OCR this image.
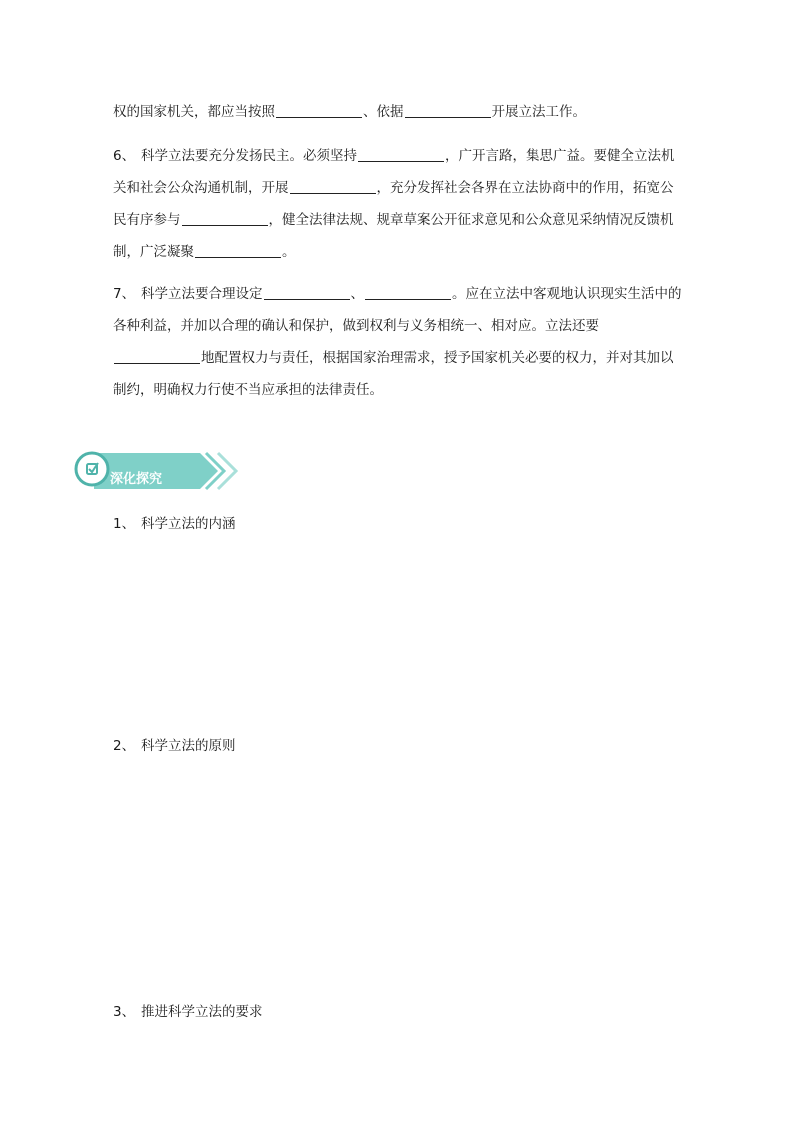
权的国家机关，都应当按照	、依据	开展立法工作。

6、 科学立法要充分发扬民主。必须坚持	，广开言路，集思广益。要健全立法机关和社会公众沟通机制，开展	，充分发挥社会各界在立法协商中的作用，拓宽公民有序参与	，健全法律法规、规章草案公开征求意见和公众意见采纳情况反馈机制，广泛凝聚	。

7、 科学立法要合理设定	、	。应在立法中客观地认识现实生活中的各种利益，并加以合理的确认和保护，做到权利与义务相统一、相对应。立法还要地配置权力与责任，根据国家治理需求，授予国家机关必要的权力，并对其加以制约，明确权力行使不当应承担的法律责任。

深化探究

1、 科学立法的内涵

2、 科学立法的原则

3、 推进科学立法的要求
